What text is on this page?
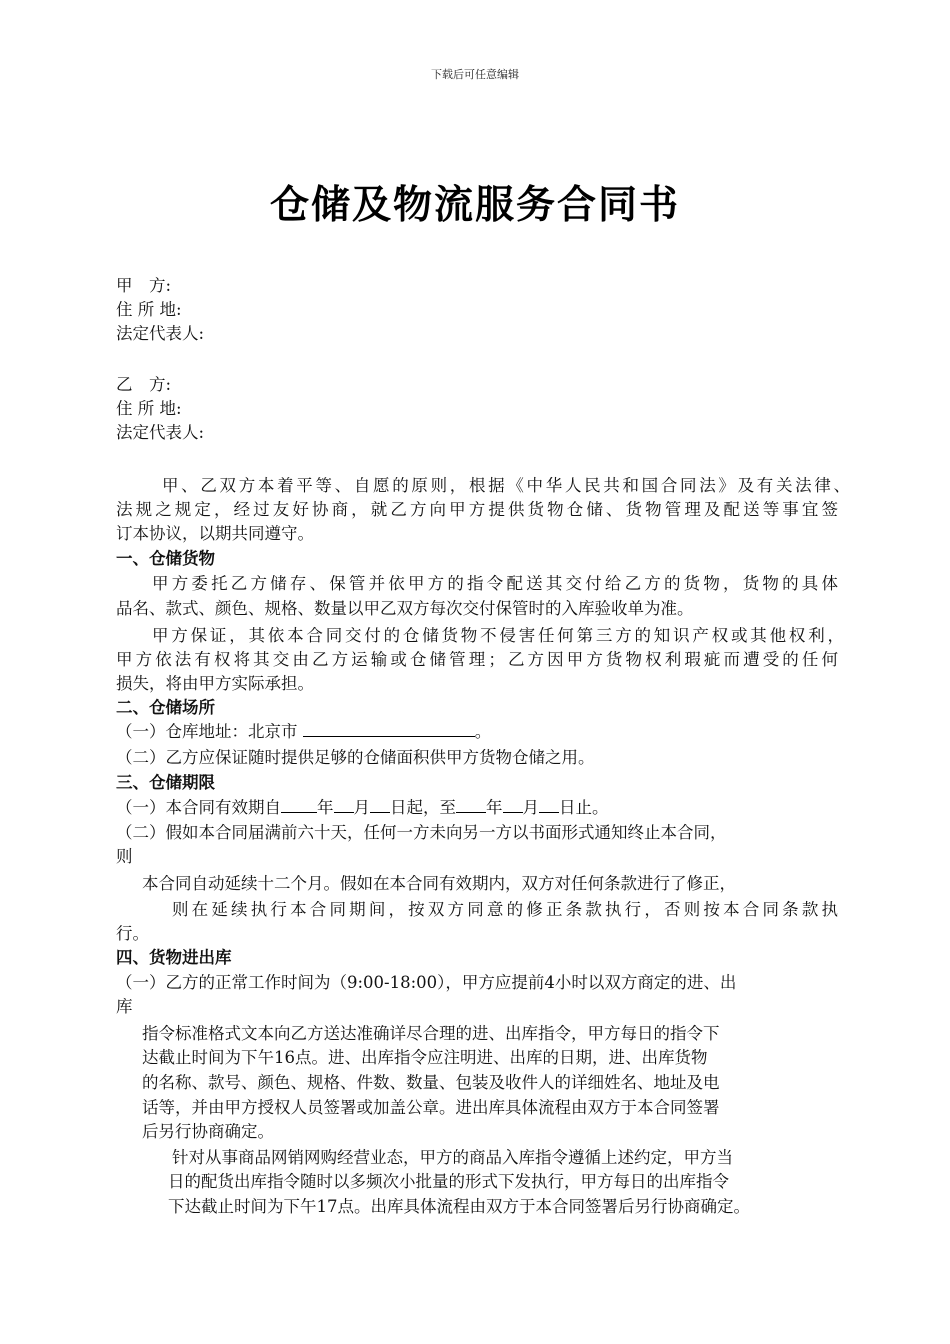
下载后可任意编辑
仓储及物流服务合同书
甲　方:
住 所 地:
法定代表人:
乙　方:
住 所 地:
法定代表人:
甲、乙双方本着平等、自愿的原则，根据《中华人民共和国合同法》及有关法律、
法规之规定，经过友好协商，就乙方向甲方提供货物仓储、货物管理及配送等事宜签
订本协议，以期共同遵守。
一、仓储货物
甲方委托乙方储存、保管并依甲方的指令配送其交付给乙方的货物，货物的具体
品名、款式、颜色、规格、数量以甲乙双方每次交付保管时的入库验收单为准。
甲方保证，其依本合同交付的仓储货物不侵害任何第三方的知识产权或其他权利，
甲方依法有权将其交由乙方运输或仓储管理；乙方因甲方货物权利瑕疵而遭受的任何
损失，将由甲方实际承担。
二、仓储场所
（一）仓库地址：北京市	。
（二）乙方应保证随时提供足够的仓储面积供甲方货物仓储之用。
三、仓储期限
（一）本合同有效期自 年 月 日起，至 年 月 日止。
（二）假如本合同届满前六十天，任何一方未向另一方以书面形式通知终止本合同，
则
本合同自动延续十二个月。假如在本合同有效期内，双方对任何条款进行了修正，
则在延续执行本合同期间，按双方同意的修正条款执行，否则按本合同条款执
行。
四、货物进出库
（一）乙方的正常工作时间为（9:00-18:00），甲方应提前4小时以双方商定的进、出
库
指令标准格式文本向乙方送达准确详尽合理的进、出库指令，甲方每日的指令下
达截止时间为下午16点。进、出库指令应注明进、出库的日期，进、出库货物
的名称、款号、颜色、规格、件数、数量、包装及收件人的详细姓名、地址及电
话等，并由甲方授权人员签署或加盖公章。进出库具体流程由双方于本合同签署
后另行协商确定。
针对从事商品网销网购经营业态，甲方的商品入库指令遵循上述约定，甲方当
日的配货出库指令随时以多频次小批量的形式下发执行，甲方每日的出库指令
下达截止时间为下午17点。出库具体流程由双方于本合同签署后另行协商确定。
